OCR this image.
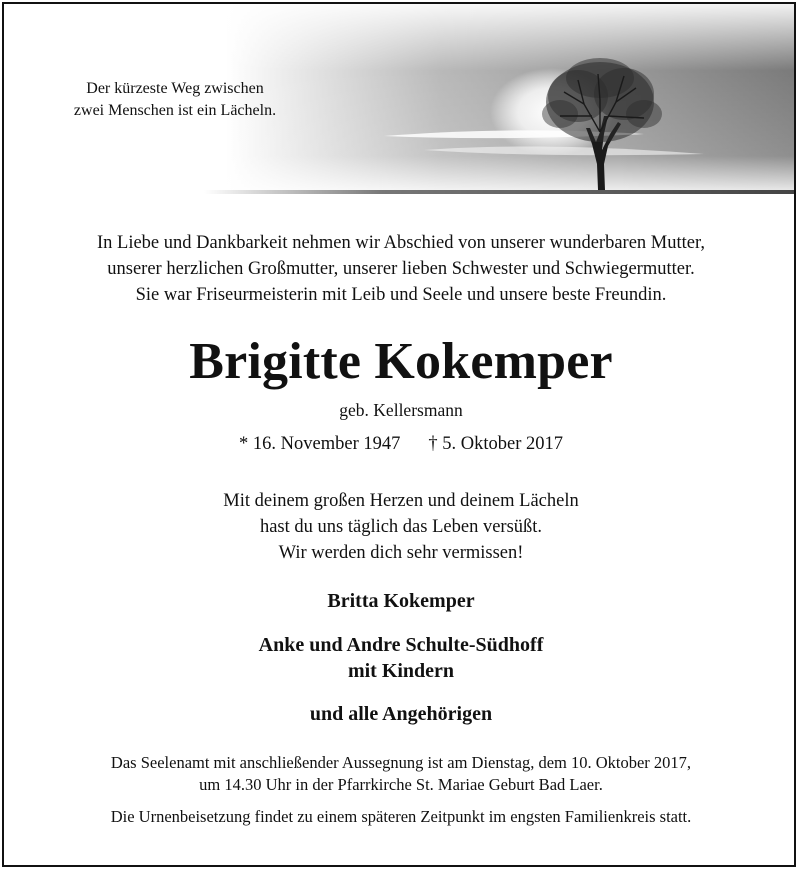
Der kürzeste Weg zwischen
zwei Menschen ist ein Lächeln.
In Liebe und Dankbarkeit nehmen wir Abschied von unserer wunderbaren Mutter,
unserer herzlichen Großmutter, unserer lieben Schwester und Schwiegermutter.
Sie war Friseurmeisterin mit Leib und Seele und unsere beste Freundin.
Brigitte Kokemper
geb. Kellersmann
* 16. November 1947 † 5. Oktober 2017
Mit deinem großen Herzen und deinem Lächeln
hast du uns täglich das Leben versüßt.
Wir werden dich sehr vermissen!
Britta Kokemper
Anke und Andre Schulte-Südhoff
mit Kindern
und alle Angehörigen
Das Seelenamt mit anschließender Aussegnung ist am Dienstag, dem 10. Oktober 2017,
um 14.30 Uhr in der Pfarrkirche St. Mariae Geburt Bad Laer.
Die Urnenbeisetzung findet zu einem späteren Zeitpunkt im engsten Familienkreis statt.
